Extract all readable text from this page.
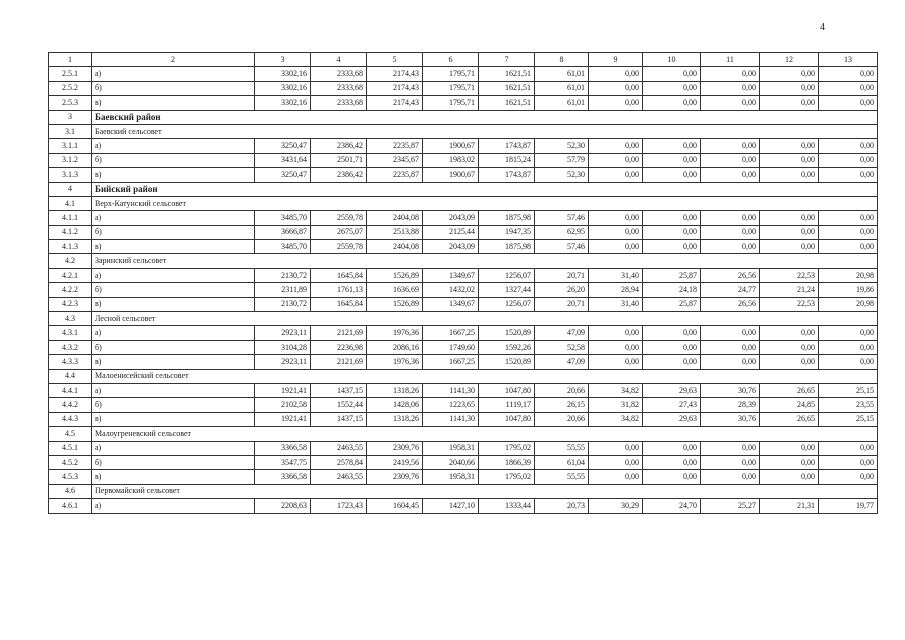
4
1	2	3	4	5	6	7	8	9	10	11	12	13
2.5.1	а)	3302,16	2333,68	2174,43	1795,71	1621,51	61,01	0,00	0,00	0,00	0,00	0,00
2.5.2	б)	3302,16	2333,68	2174,43	1795,71	1621,51	61,01	0,00	0,00	0,00	0,00	0,00
2.5.3	в)	3302,16	2333,68	2174,43	1795,71	1621,51	61,01	0,00	0,00	0,00	0,00	0,00
3	Баевский район											
3.1	Баевский сельсовет											
3.1.1	а)	3250,47	2386,42	2235,87	1900,67	1743,87	52,30	0,00	0,00	0,00	0,00	0,00
3.1.2	б)	3431,64	2501,71	2345,67	1983,02	1815,24	57,79	0,00	0,00	0,00	0,00	0,00
3.1.3	в)	3250,47	2386,42	2235,87	1900,67	1743,87	52,30	0,00	0,00	0,00	0,00	0,00
4	Бийский район											
4.1	Верх-Катунский сельсовет											
4.1.1	а)	3485,70	2559,78	2404,08	2043,09	1875,98	57,46	0,00	0,00	0,00	0,00	0,00
4.1.2	б)	3666,87	2675,07	2513,88	2125,44	1947,35	62,95	0,00	0,00	0,00	0,00	0,00
4.1.3	в)	3485,70	2559,78	2404,08	2043,09	1875,98	57,46	0,00	0,00	0,00	0,00	0,00
4.2	Заринский сельсовет											
4.2.1	а)	2130,72	1645,84	1526,89	1349,67	1256,07	20,71	31,40	25,87	26,56	22,53	20,98
4.2.2	б)	2311,89	1761,13	1636,69	1432,02	1327,44	26,20	28,94	24,18	24,77	21,24	19,86
4.2.3	в)	2130,72	1645,84	1526,89	1349,67	1256,07	20,71	31,40	25,87	26,56	22,53	20,98
4.3	Лесной сельсовет											
4.3.1	а)	2923,11	2121,69	1976,36	1667,25	1520,89	47,09	0,00	0,00	0,00	0,00	0,00
4.3.2	б)	3104,28	2236,98	2086,16	1749,60	1592,26	52,58	0,00	0,00	0,00	0,00	0,00
4.3.3	в)	2923,11	2121,69	1976,36	1667,25	1520,89	47,09	0,00	0,00	0,00	0,00	0,00
4.4	Малоенисейский сельсовет											
4.4.1	а)	1921,41	1437,15	1318,26	1141,30	1047,80	20,66	34,82	29,63	30,76	26,65	25,15
4.4.2	б)	2102,58	1552,44	1428,06	1223,65	1119,17	26,15	31,82	27,43	28,39	24,85	23,55
4.4.3	в)	1921,41	1437,15	1318,26	1141,30	1047,80	20,66	34,82	29,63	30,76	26,65	25,15
4.5	Малоугреневский сельсовет											
4.5.1	а)	3366,58	2463,55	2309,76	1958,31	1795,02	55,55	0,00	0,00	0,00	0,00	0,00
4.5.2	б)	3547,75	2578,84	2419,56	2040,66	1866,39	61,04	0,00	0,00	0,00	0,00	0,00
4.5.3	в)	3366,58	2463,55	2309,76	1958,31	1795,02	55,55	0,00	0,00	0,00	0,00	0,00
4.6	Первомайский сельсовет											
4.6.1	а)	2208,63	1723,43	1604,45	1427,10	1333,44	20,73	30,29	24,70	25,27	21,31	19,77
